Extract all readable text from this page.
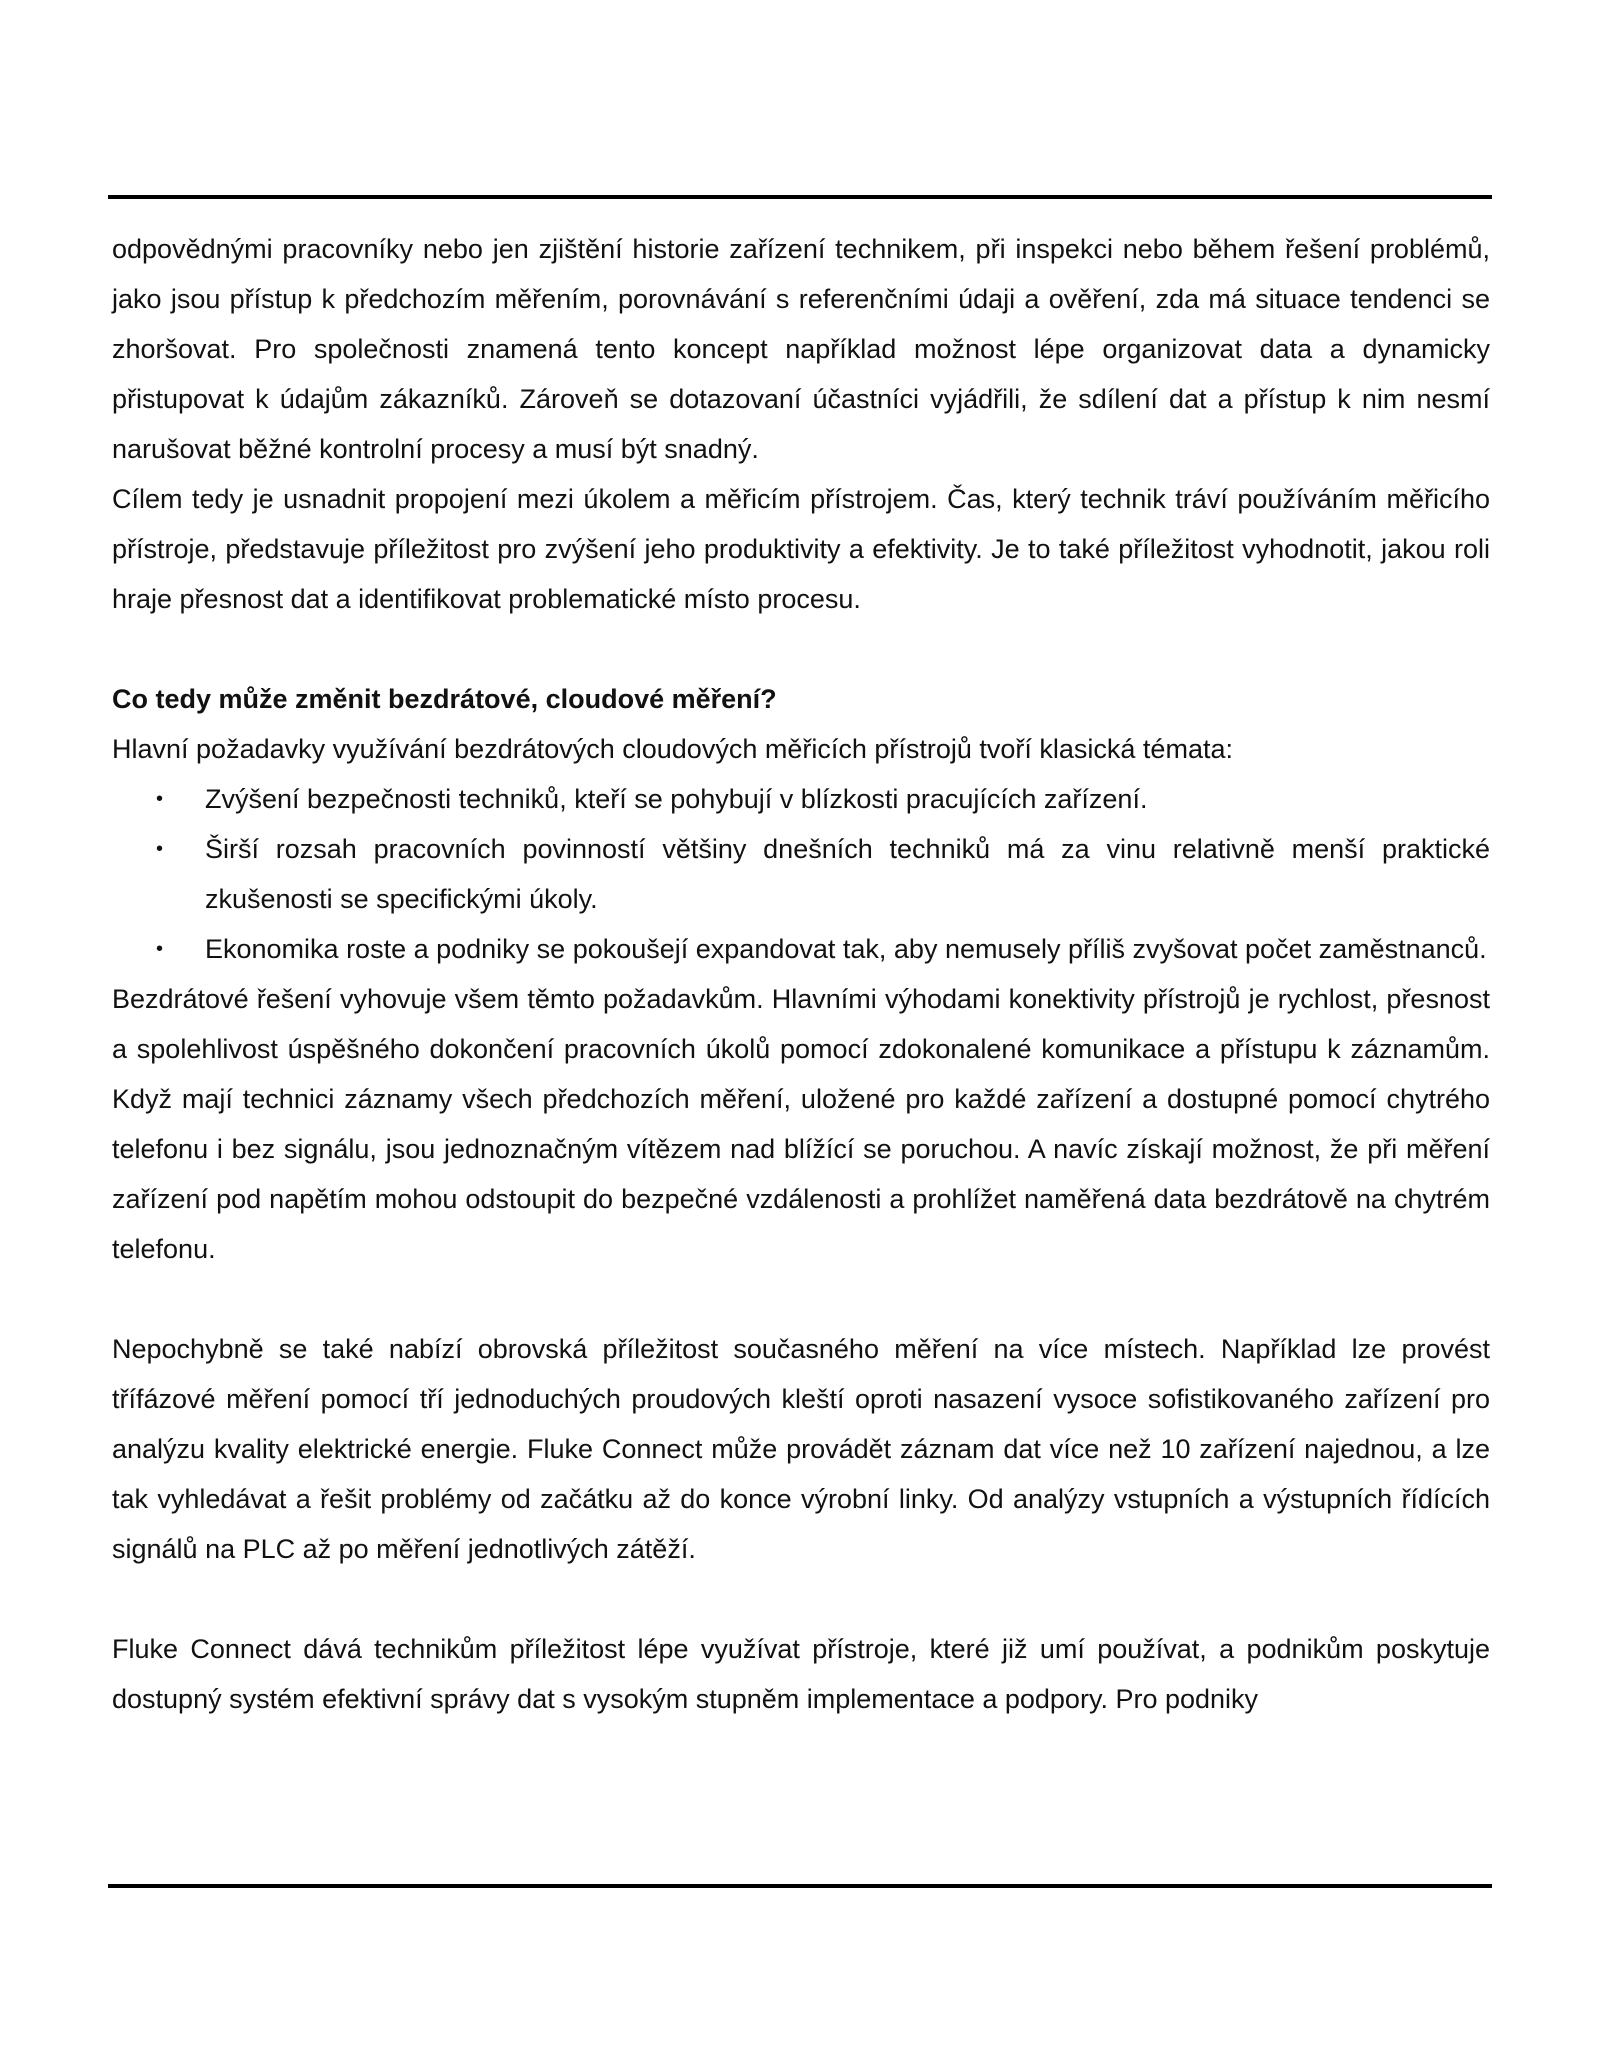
odpovědnými pracovníky nebo jen zjištění historie zařízení technikem, při inspekci nebo během řešení problémů, jako jsou přístup k předchozím měřením, porovnávání s referenčními údaji a ověření, zda má situace tendenci se zhoršovat. Pro společnosti znamená tento koncept například možnost lépe organizovat data a dynamicky přistupovat k údajům zákazníků. Zároveň se dotazovaní účastníci vyjádřili, že sdílení dat a přístup k nim nesmí narušovat běžné kontrolní procesy a musí být snadný.

Cílem tedy je usnadnit propojení mezi úkolem a měřicím přístrojem. Čas, který technik tráví používáním měřicího přístroje, představuje příležitost pro zvýšení jeho produktivity a efektivity. Je to také příležitost vyhodnotit, jakou roli hraje přesnost dat a identifikovat problematické místo procesu.

Co tedy může změnit bezdrátové, cloudové měření?

Hlavní požadavky využívání bezdrátových cloudových měřicích přístrojů tvoří klasická témata:

• Zvýšení bezpečnosti techniků, kteří se pohybují v blízkosti pracujících zařízení.
• Širší rozsah pracovních povinností většiny dnešních techniků má za vinu relativně menší praktické zkušenosti se specifickými úkoly.
• Ekonomika roste a podniky se pokoušejí expandovat tak, aby nemusely příliš zvyšovat počet zaměstnanců.

Bezdrátové řešení vyhovuje všem těmto požadavkům. Hlavními výhodami konektivity přístrojů je rychlost, přesnost a spolehlivost úspěšného dokončení pracovních úkolů pomocí zdokonalené komunikace a přístupu k záznamům. Když mají technici záznamy všech předchozích měření, uložené pro každé zařízení a dostupné pomocí chytrého telefonu i bez signálu, jsou jednoznačným vítězem nad blížící se poruchou. A navíc získají možnost, že při měření zařízení pod napětím mohou odstoupit do bezpečné vzdálenosti a prohlížet naměřená data bezdrátově na chytrém telefonu.

Nepochybně se také nabízí obrovská příležitost současného měření na více místech. Například lze provést třífázové měření pomocí tří jednoduchých proudových kleští oproti nasazení vysoce sofistikovaného zařízení pro analýzu kvality elektrické energie. Fluke Connect může provádět záznam dat více než 10 zařízení najednou, a lze tak vyhledávat a řešit problémy od začátku až do konce výrobní linky. Od analýzy vstupních a výstupních řídících signálů na PLC až po měření jednotlivých zátěží.

Fluke Connect dává technikům příležitost lépe využívat přístroje, které již umí používat, a podnikům poskytuje dostupný systém efektivní správy dat s vysokým stupněm implementace a podpory. Pro podniky
